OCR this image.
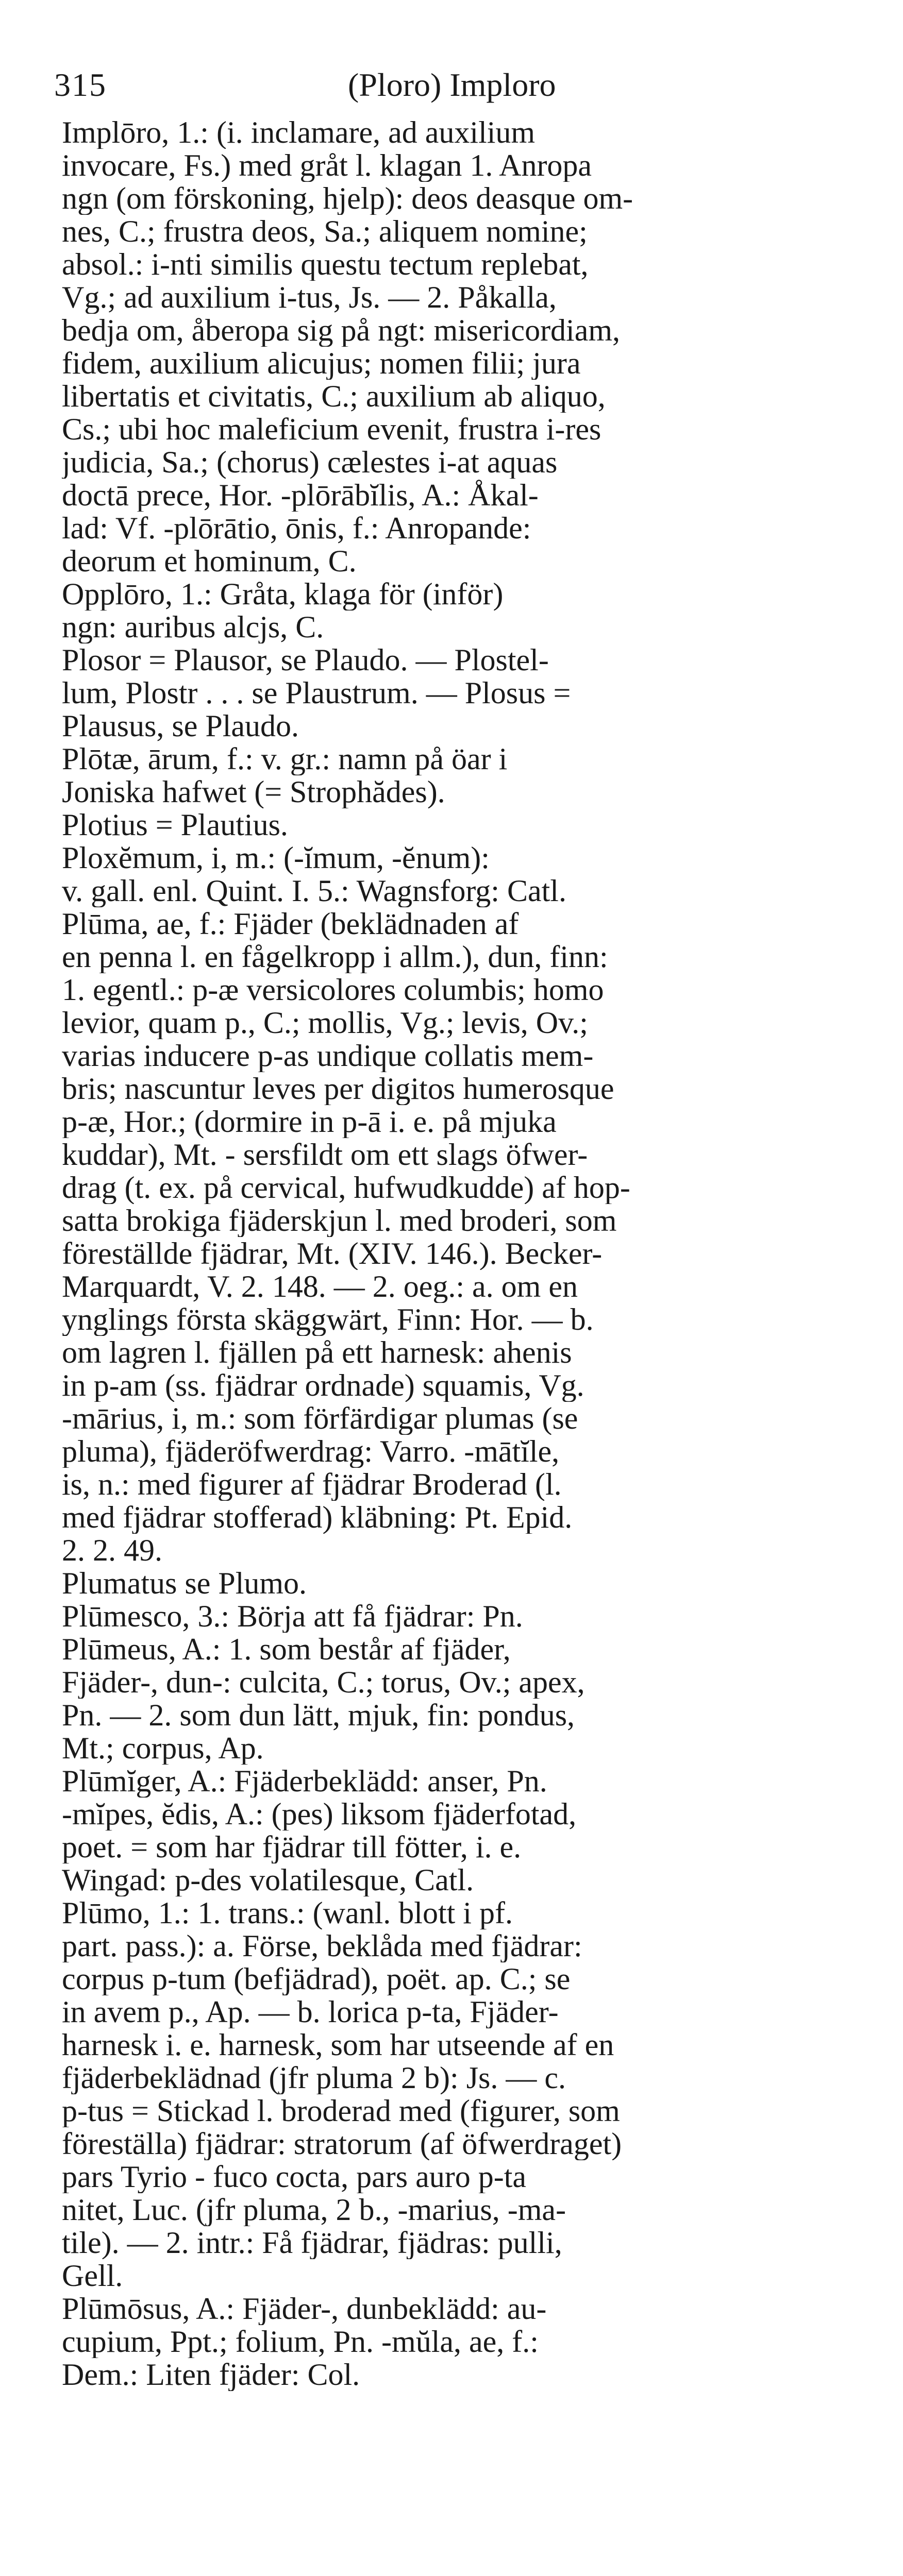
315	(Ploro) Imploro
Implōro, 1.: (i. inclamare, ad auxilium
invocare, Fs.) med gråt l. klagan 1. Anropa
ngn (om förskoning, hjelp): deos deasque om-
nes, C.; frustra deos, Sa.; aliquem nomine;
absol.: i-nti similis questu tectum replebat,
Vg.; ad auxilium i-tus, Js. — 2. Påkalla,
bedja om, åberopa sig på ngt: misericordiam,
fidem, auxilium alicujus; nomen filii; jura
libertatis et civitatis, C.; auxilium ab aliquo,
Cs.; ubi hoc maleficium evenit, frustra i-res
judicia, Sa.; (chorus) cælestes i-at aquas
doctā prece, Hor. -plōrābĭlis, A.: Åkal-
lad: Vf. -plōrātio, ōnis, f.: Anropande:
deorum et hominum, C.
Opplōro, 1.: Gråta, klaga för (inför)
ngn: auribus alcjs, C.
Plosor = Plausor, se Plaudo. — Plostel-
lum, Plostr . . . se Plaustrum. — Plosus =
Plausus, se Plaudo.
Plōtæ, ārum, f.: v. gr.: namn på öar i
Joniska hafwet (= Strophădes).
Plotius = Plautius.
Ploxĕmum, i, m.: (-ĭmum, -ĕnum):
v. gall. enl. Quint. I. 5.: Wagnsforg: Catl.
Plūma, ae, f.: Fjäder (beklädnaden af
en penna l. en fågelkropp i allm.), dun, finn:
1. egentl.: p-æ versicolores columbis; homo
levior, quam p., C.; mollis, Vg.; levis, Ov.;
varias inducere p-as undique collatis mem-
bris; nascuntur leves per digitos humerosque
p-æ, Hor.; (dormire in p-ā i. e. på mjuka
kuddar), Mt. - sersfildt om ett slags öfwer-
drag (t. ex. på cervical, hufwudkudde) af hop-
satta brokiga fjäderskjun l. med broderi, som
föreställde fjädrar, Mt. (XIV. 146.). Becker-
Marquardt, V. 2. 148. — 2. oeg.: a. om en
ynglings första skäggwärt, Finn: Hor. — b.
om lagren l. fjällen på ett harnesk: ahenis
in p-am (ss. fjädrar ordnade) squamis, Vg.
-mārius, i, m.: som förfärdigar plumas (se
pluma), fjäderöfwerdrag: Varro. -mātĭle,
is, n.: med figurer af fjädrar Broderad (l.
med fjädrar stofferad) kläbning: Pt. Epid.
2. 2. 49.
Plumatus se Plumo.
Plūmesco, 3.: Börja att få fjädrar: Pn.
Plūmeus, A.: 1. som består af fjäder,
Fjäder-, dun-: culcita, C.; torus, Ov.; apex,
Pn. — 2. som dun lätt, mjuk, fin: pondus,
Mt.; corpus, Ap.
Plūmĭger, A.: Fjäderbeklädd: anser, Pn.
-mĭpes, ĕdis, A.: (pes) liksom fjäderfotad,
poet. = som har fjädrar till fötter, i. e.
Wingad: p-des volatilesque, Catl.
Plūmo, 1.: 1. trans.: (wanl. blott i pf.
part. pass.): a. Förse, beklåda med fjädrar:
corpus p-tum (befjädrad), poët. ap. C.; se
in avem p., Ap. — b. lorica p-ta, Fjäder-
harnesk i. e. harnesk, som har utseende af en
fjäderbeklädnad (jfr pluma 2 b): Js. — c.
p-tus = Stickad l. broderad med (figurer, som
föreställa) fjädrar: stratorum (af öfwerdraget)
pars Tyrio - fuco cocta, pars auro p-ta
nitet, Luc. (jfr pluma, 2 b., -marius, -ma-
tile). — 2. intr.: Få fjädrar, fjädras: pulli,
Gell.
Plūmōsus, A.: Fjäder-, dunbeklädd: au-
cupium, Ppt.; folium, Pn. -mŭla, ae, f.:
Dem.: Liten fjäder: Col.
